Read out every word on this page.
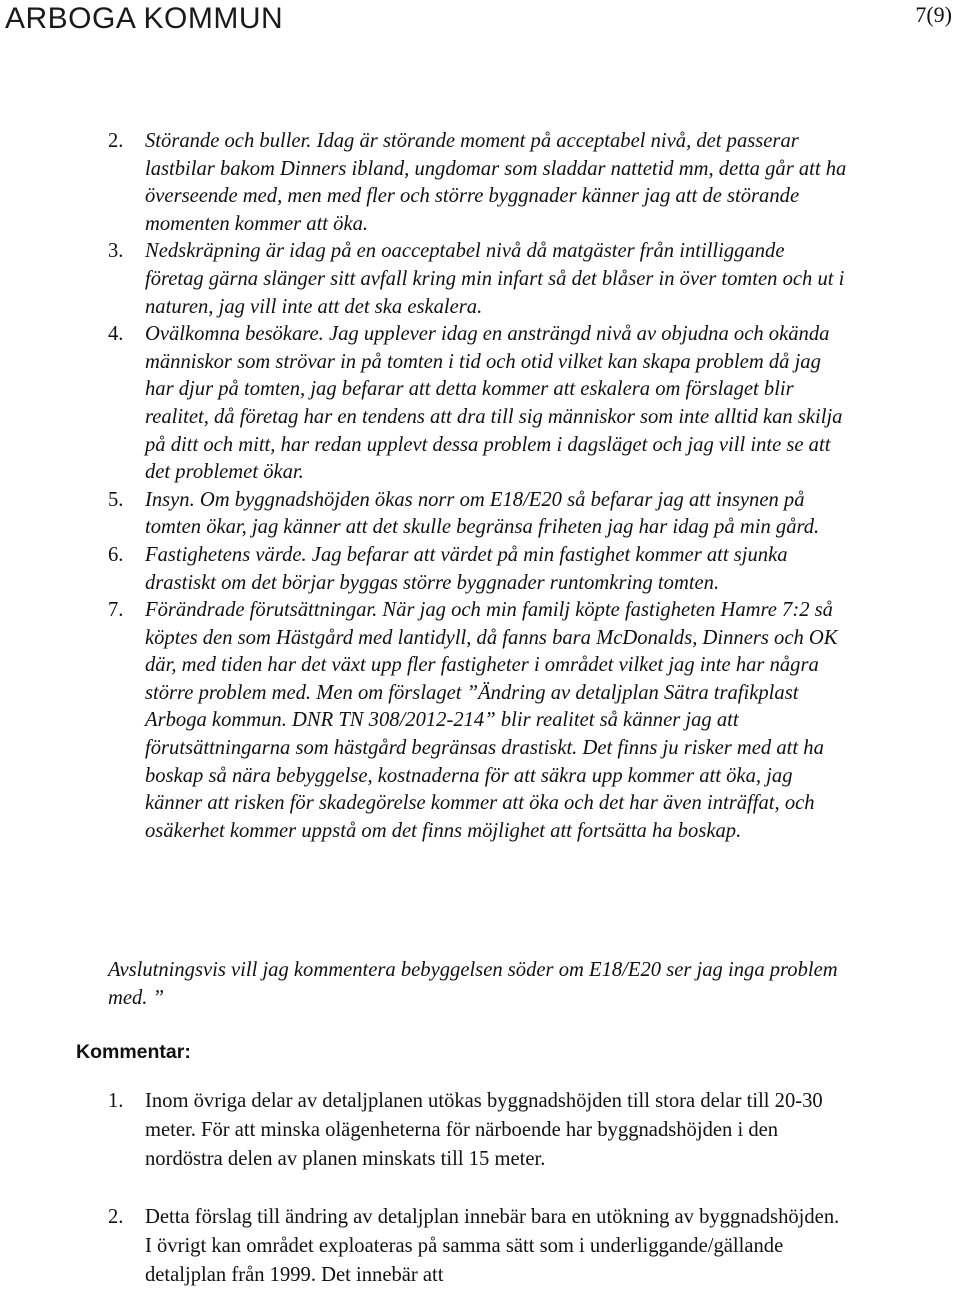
ARBOGA KOMMUN	7(9)
2. Störande och buller. Idag är störande moment på acceptabel nivå, det passerar lastbilar bakom Dinners ibland, ungdomar som sladdar nattetid mm, detta går att ha överseende med, men med fler och större byggnader känner jag att de störande momenten kommer att öka.
3. Nedskräpning är idag på en oacceptabel nivå då matgäster från intilliggande företag gärna slänger sitt avfall kring min infart så det blåser in över tomten och ut i naturen, jag vill inte att det ska eskalera.
4. Ovälkomna besökare. Jag upplever idag en ansträngd nivå av objudna och okända människor som strövar in på tomten i tid och otid vilket kan skapa problem då jag har djur på tomten, jag befarar att detta kommer att eskalera om förslaget blir realitet, då företag har en tendens att dra till sig människor som inte alltid kan skilja på ditt och mitt, har redan upplevt dessa problem i dagsläget och jag vill inte se att det problemet ökar.
5. Insyn. Om byggnadshöjden ökas norr om E18/E20 så befarar jag att insynen på tomten ökar, jag känner att det skulle begränsa friheten jag har idag på min gård.
6. Fastighetens värde. Jag befarar att värdet på min fastighet kommer att sjunka drastiskt om det börjar byggas större byggnader runtomkring tomten.
7. Förändrade förutsättningar. När jag och min familj köpte fastigheten Hamre 7:2 så köptes den som Hästgård med lantidyll, då fanns bara McDonalds, Dinners och OK där, med tiden har det växt upp fler fastigheter i området vilket jag inte har några större problem med. Men om förslaget ”Ändring av detaljplan Sätra trafikplast Arboga kommun. DNR TN 308/2012-214” blir realitet så känner jag att förutsättningarna som hästgård begränsas drastiskt. Det finns ju risker med att ha boskap så nära bebyggelse, kostnaderna för att säkra upp kommer att öka, jag känner att risken för skadegörelse kommer att öka och det har även inträffat, och osäkerhet kommer uppstå om det finns möjlighet att fortsätta ha boskap.

Avslutningsvis vill jag kommentera bebyggelsen söder om E18/E20 ser jag inga problem med. ”

Kommentar:
1. Inom övriga delar av detaljplanen utökas byggnadshöjden till stora delar till 20-30 meter. För att minska olägenheterna för närboende har byggnadshöjden i den nordöstra delen av planen minskats till 15 meter.
2. Detta förslag till ändring av detaljplan innebär bara en utökning av byggnadshöjden. I övrigt kan området exploateras på samma sätt som i underliggande/gällande detaljplan från 1999. Det innebär att
